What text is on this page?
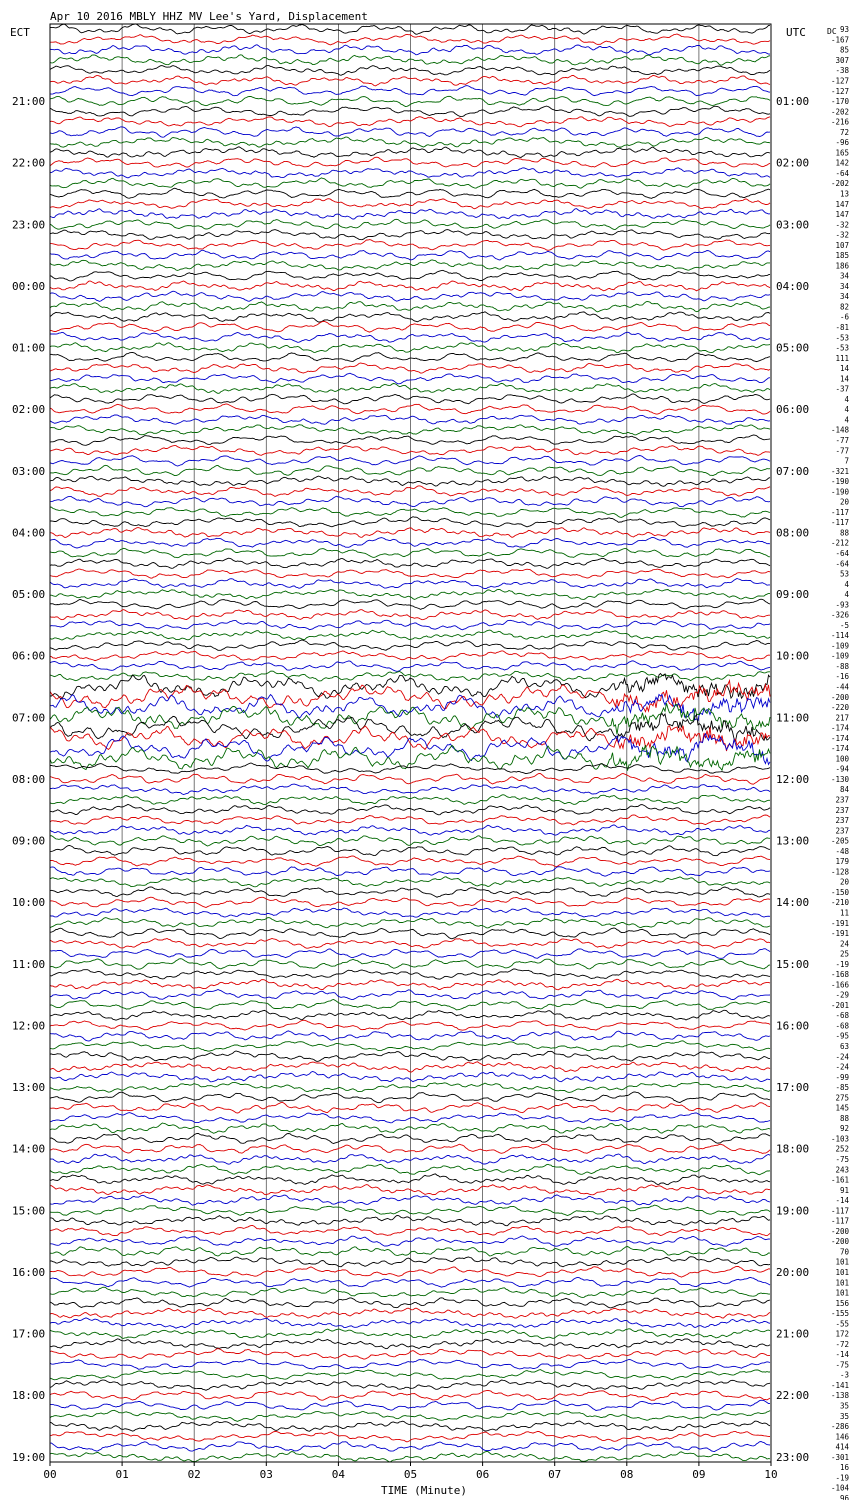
Apr 10 2016 MBLY HHZ MV Lee's Yard, Displacement
ECT	UTC	DC
21:00
22:00
23:00
00:00
01:00
02:00
03:00
04:00
05:00
06:00
07:00
08:00
09:00
10:00
11:00
12:00
13:00
14:00
15:00
16:00
17:00
18:00
19:00
01:00
02:00
03:00
04:00
05:00
06:00
07:00
08:00
09:00
10:00
11:00
12:00
13:00
14:00
15:00
16:00
17:00
18:00
19:00
20:00
21:00
22:00
23:00
93
-167
85
307
-38
-127
-127
-170
-202
-216
72
-96
165
142
-64
-202
13
147
147
-32
-32
107
185
186
34
34
34
82
-6
-81
-53
-53
111
14
14
-37
4
4
4
-148
-77
-77
7
-321
-190
-190
20
-117
-117
88
-212
-64
-64
53
4
4
-93
-326
-5
-114
-109
-109
-88
-16
-44
-200
-220
217
-174
-174
-174
100
-94
-130
84
237
237
237
237
-205
-48
179
-128
20
-150
-210
11
-191
-191
24
25
-19
-168
-166
-29
-201
-68
-68
-95
63
-24
-24
-99
-85
275
145
88
92
-103
252
-75
243
-161
91
-14
-117
-117
-200
-200
70
101
101
101
101
156
-155
-55
172
-72
-14
-75
-3
-141
-138
35
35
-286
146
414
-301
16
-19
-104
96
00	01	02	03	04	05	06	07	08	09	10
TIME (Minute)
